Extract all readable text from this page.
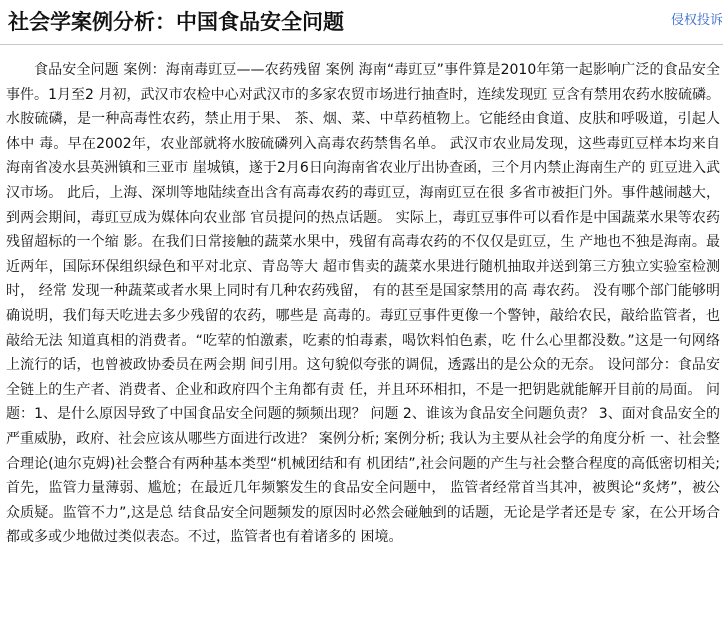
社会学案例分析：中国食品安全问题	侵权投诉

食品安全问题 案例：海南毒豇豆——农药残留 案例 海南“毒豇豆”事件算是2010年第一起影响广泛的食品安全事件。1月至2 月初，武汉市农检中心对武汉市的多家农贸市场进行抽查时，连续发现豇 豆含有禁用农药水胺硫磷。 水胺硫磷，是一种高毒性农药，禁止用于果、 茶、烟、菜、中草药植物上。它能经由食道、皮肤和呼吸道，引起人体中 毒。早在2002年，农业部就将水胺硫磷列入高毒农药禁售名单。 武汉市农业局发现，这些毒豇豆样本均来自海南省凌水县英洲镇和三亚市 崖城镇，遂于2月6日向海南省农业厅出协查函，三个月内禁止海南生产的 豇豆进入武汉市场。 此后，上海、深圳等地陆续查出含有高毒农药的毒豇豆，海南豇豆在很 多省市被拒门外。事件越闹越大，到两会期间，毒豇豆成为媒体向农业部 官员提问的热点话题。 实际上，毒豇豆事件可以看作是中国蔬菜水果等农药残留超标的一个缩 影。在我们日常接触的蔬菜水果中，残留有高毒农药的不仅仅是豇豆，生 产地也不独是海南。最近两年，国际环保组织绿色和平对北京、青岛等大 超市售卖的蔬菜水果进行随机抽取并送到第三方独立实验室检测时， 经常 发现一种蔬菜或者水果上同时有几种农药残留， 有的甚至是国家禁用的高 毒农药。 没有哪个部门能够明确说明，我们每天吃进去多少残留的农药，哪些是 高毒的。毒豇豆事件更像一个警钟，敲给农民，敲给监管者，也敲给无法 知道真相的消费者。“吃荤的怕激素，吃素的怕毒素，喝饮料怕色素，吃 什么心里都没数。”这是一句网络上流行的话，也曾被政协委员在两会期 间引用。这句貌似夸张的调侃，透露出的是公众的无奈。 设问部分：食品安全链上的生产者、消费者、企业和政府四个主角都有责 任，并且环环相扣，不是一把钥匙就能解开目前的局面。 问题：1、是什么原因导致了中国食品安全问题的频频出现？ 问题 2、谁该为食品安全问题负责？ 3、面对食品安全的严重威胁，政府、社会应该从哪些方面进行改进？ 案例分析; 案例分析; 我认为主要从社会学的角度分析 一、社会整合理论(迪尔克姆)社会整合有两种基本类型“机械团结和有 机团结”,社会问题的产生与社会整合程度的高低密切相关; 首先，监管力量薄弱、尴尬；在最近几年频繁发生的食品安全问题中， 监管者经常首当其冲，被舆论“炙烤”，被公众质疑。监管不力”,这是总 结食品安全问题频发的原因时必然会碰触到的话题，无论是学者还是专 家，在公开场合都或多或少地做过类似表态。不过，监管者也有着诸多的 困境。
